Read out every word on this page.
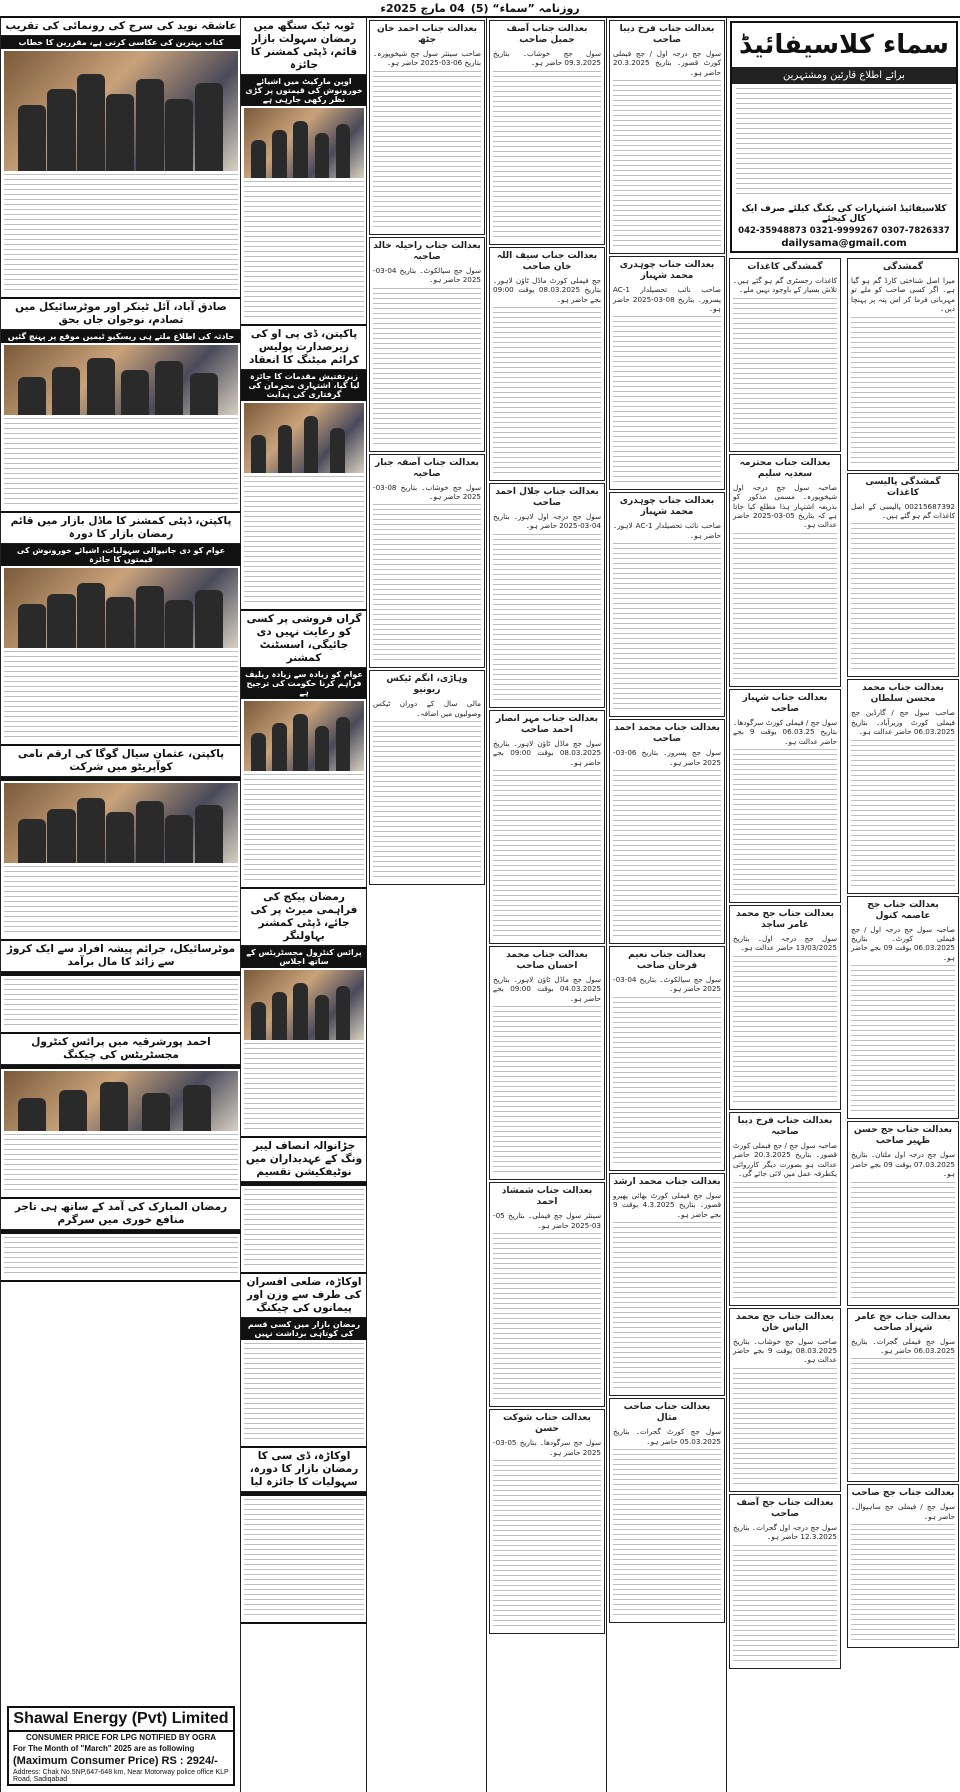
روزنامہ ”سماء“ (5)
04 مارچ 2025ء
سماء کلاسیفائیڈ
برائے اطلاع قارئین ومشتہرین
کلاسیفائیڈ اشتہارات کی بکنگ کیلئے صرف ایک کال کیجئے
042-35948873 0321-9999267 0307-7826337
dailysama@gmail.com
گمشدگی
میرا اصل شناختی کارڈ گم ہو گیا ہے۔ اگر کسی صاحب کو ملے تو مہربانی فرما کر اس پتہ پر پہنچا دیں۔
گمشدگی پالیسی کاغذات
00215687392 پالیسی کے اصل کاغذات گم ہو گئے ہیں۔
بعدالت جناب محمد محسن سلطان
صاحب سول جج / گارڈین جج فیملی کورٹ وزیرآباد۔ بتاریخ 06.03.2025 حاضر عدالت ہو۔
بعدالت جناب جج عاصمہ کنول
صاحبہ سول جج درجہ اول / جج فیملی کورٹ۔ بتاریخ 06.03.2025 بوقت 09 بجے حاضر ہو۔
بعدالت جناب جج حسن ظہیر صاحب
سول جج درجہ اول ملتان۔ بتاریخ 07.03.2025 بوقت 09 بجے حاضر ہو۔
بعدالت جناب جج عامر شہزاد صاحب
سول جج فیملی گجرات۔ بتاریخ 06.03.2025 حاضر ہو۔
بعدالت جناب جج صاحب
سول جج / فیملی جج ساہیوال۔ حاضر ہو۔
گمشدگی کاغذات
کاغذات رجسٹری گم ہو گئے ہیں۔ تلاش بسیار کے باوجود نہیں ملے۔
بعدالت جناب محترمہ سعدیہ سلیم
صاحبہ سول جج درجہ اول شیخوپورہ۔ مسمی مذکور کو بذریعہ اشتہار ہذا مطلع کیا جاتا ہے کہ بتاریخ 05-03-2025 حاضر عدالت ہو۔
بعدالت جناب شہباز صاحب
سول جج / فیملی کورٹ سرگودھا۔ بتاریخ 06.03.25 بوقت 9 بجے حاضر عدالت ہو۔
بعدالت جناب جج محمد عامر ساجد
سول جج درجہ اول۔ بتاریخ 13/03/2025 حاضر عدالت ہو۔
بعدالت جناب فرخ دیبا صاحبہ
صاحبہ سول جج / جج فیملی کورٹ قصور۔ بتاریخ 20.3.2025 حاضر عدالت ہو بصورت دیگر کارروائی یکطرفہ عمل میں لائی جائے گی۔
بعدالت جناب جج محمد الیاس خان
صاحب سول جج خوشاب۔ بتاریخ 08.03.2025 بوقت 9 بجے حاضر عدالت ہو۔
بعدالت جناب جج آصف صاحب
سول جج درجہ اول گجرات۔ بتاریخ 12.3.2025 حاضر ہو۔
بعدالت جناب فرخ دیبا صاحب
سول جج درجہ اول / جج فیملی کورٹ قصور۔ بتاریخ 20.3.2025 حاضر ہو۔
بعدالت جناب چوہدری محمد شہباز
صاحب نائب تحصیلدار AC-1 پسرور۔ بتاریخ 08-03-2025 حاضر ہو۔
بعدالت جناب چوہدری محمد شہباز
صاحب نائب تحصیلدار AC-1 لاہور۔ حاضر ہو۔
بعدالت جناب محمد احمد صاحب
سول جج پسرور۔ بتاریخ 06-03-2025 حاضر ہو۔
بعدالت جناب نعیم فرحان صاحب
سول جج سیالکوٹ۔ بتاریخ 04-03-2025 حاضر ہو۔
بعدالت جناب محمد ارشد
سول جج فیملی کورٹ بھائی پھیرو قصور۔ بتاریخ 4.3.2025 بوقت 9 بجے حاضر ہو۔
بعدالت جناب صاحب مثال
سول جج کورٹ گجرات۔ بتاریخ 05.03.2025 حاضر ہو۔
بعدالت جناب آصف جمیل صاحب
سول جج خوشاب۔ بتاریخ 09.3.2025 حاضر ہو۔
بعدالت جناب سیف اللہ خان صاحب
جج فیملی کورٹ ماڈل ٹاؤن لاہور۔ بتاریخ 08.03.2025 بوقت 09:00 بجے حاضر ہو۔
بعدالت جناب جلال احمد صاحب
سول جج درجہ اول لاہور۔ بتاریخ 04-03-2025 حاضر ہو۔
بعدالت جناب مہر انصار احمد صاحب
سول جج ماڈل ٹاؤن لاہور۔ بتاریخ 08.03.2025 بوقت 09:00 بجے حاضر ہو۔
بعدالت جناب محمد احسان صاحب
سول جج ماڈل ٹاؤن لاہور۔ بتاریخ 04.03.2025 بوقت 09:00 بجے حاضر ہو۔
بعدالت جناب شمشاد احمد
سینئر سول جج فیملی۔ بتاریخ 05-03-2025 حاضر ہو۔
بعدالت جناب شوکت حسن
سول جج سرگودھا۔ بتاریخ 05-03-2025 حاضر ہو۔
بعدالت جناب احمد خان جٹھ
صاحب سینئر سول جج شیخوپورہ۔ بتاریخ 06-03-2025 حاضر ہو۔
بعدالت جناب راحیلہ خالد صاحبہ
سول جج سیالکوٹ۔ بتاریخ 04-03-2025 حاضر ہو۔
بعدالت جناب آصفہ جبار صاحبہ
سول جج خوشاب۔ بتاریخ 08-03-2025 حاضر ہو۔
وہاڑی، انگم ٹیکس ریونیو
مالی سال کے دوران ٹیکس وصولیوں میں اضافہ۔
ٹوبہ ٹیک سنگھ میں رمضان سہولت بازار قائم، ڈپٹی کمشنر کا جائزہ
اوپن مارکیٹ میں اشیائے خورونوش کی قیمتوں پر کڑی نظر رکھی جارہی ہے
پاکپتن، ڈی پی او کی زیرصدارت پولیس کرائم میٹنگ کا انعقاد
زیرتفتیش مقدمات کا جائزہ لیا گیا، اشتہاری مجرمان کی گرفتاری کی ہدایت
گراں فروشی پر کسی کو رعایت نہیں دی جائیگی، اسسٹنٹ کمشنر
عوام کو زیادہ سے زیادہ ریلیف فراہم کرنا حکومت کی ترجیح ہے
رمضان پیکج کی فراہمی میرٹ پر کی جائے، ڈپٹی کمشنر بہاولنگر
پرائس کنٹرول مجسٹریٹس کے ساتھ اجلاس
جڑانوالہ انصاف لیبر ونگ کے عہدیداران میں نوٹیفکیشن تقسیم
اوکاڑہ، ضلعی افسران کی طرف سے وزن اور پیمانوں کی چیکنگ
رمضان بازار میں کسی قسم کی کوتاہی برداشت نہیں
اوکاڑہ، ڈی سی کا رمضان بازار کا دورہ، سہولیات کا جائزہ لیا
عاشقہ نوید کی سرج کی رونمائی کی تقریب
کتاب بہترین کی عکاسی کرتی ہے، مقررین کا خطاب
صادق آباد، آئل ٹینکر اور موٹرسائیکل میں تصادم، نوجوان جاں بحق
حادثہ کی اطلاع ملتے ہی ریسکیو ٹیمیں موقع پر پہنچ گئیں
پاکپتن، ڈپٹی کمشنر کا ماڈل بازار میں قائم رمضان بازار کا دورہ
عوام کو دی جانیوالی سہولیات، اشیائے خورونوش کی قیمتوں کا جائزہ
پاکپتن، عثمان سیال گوگا کی ارقم نامی کوآپریٹو میں شرکت
موٹرسائیکل، جرائم پیشہ افراد سے ایک کروڑ سے زائد کا مال برآمد
احمد پورشرقیہ میں پرائس کنٹرول مجسٹریٹس کی چیکنگ
رمضان المبارک کی آمد کے ساتھ ہی تاجر منافع خوری میں سرگرم
Shawal Energy (Pvt) Limited
CONSUMER PRICE FOR LPG NOTIFIED BY OGRA
For The Month of "March" 2025 are as following
(Maximum Consumer Price) RS : 2924/-
Address: Chak No.5NP,647-648 km, Near Motorway police office KLP Road, Sadiqabad
